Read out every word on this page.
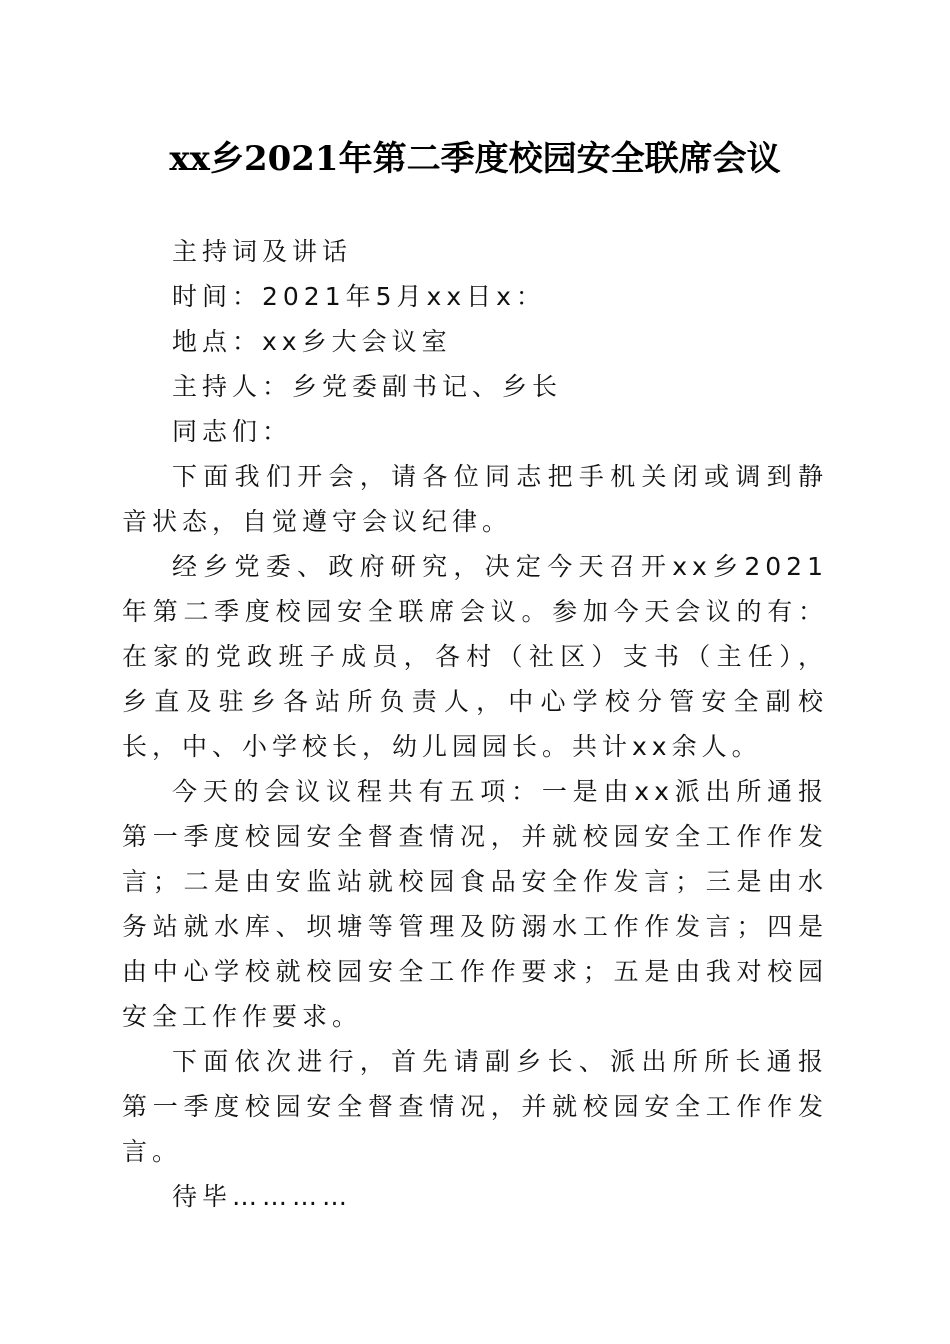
xx乡2021年第二季度校园安全联席会议

主持词及讲话

时间：2021年5月xx日x：

地点：xx乡大会议室

主持人：乡党委副书记、乡长

同志们：

下面我们开会，请各位同志把手机关闭或调到静音状态，自觉遵守会议纪律。

经乡党委、政府研究，决定今天召开xx乡2021年第二季度校园安全联席会议。参加今天会议的有：在家的党政班子成员，各村（社区）支书（主任），乡直及驻乡各站所负责人，中心学校分管安全副校长，中、小学校长，幼儿园园长。共计xx余人。

今天的会议议程共有五项：一是由xx派出所通报第一季度校园安全督查情况，并就校园安全工作作发言；二是由安监站就校园食品安全作发言；三是由水务站就水库、坝塘等管理及防溺水工作作发言；四是由中心学校就校园安全工作作要求；五是由我对校园安全工作作要求。

下面依次进行，首先请副乡长、派出所所长通报第一季度校园安全督查情况，并就校园安全工作作发言。

待毕…………
